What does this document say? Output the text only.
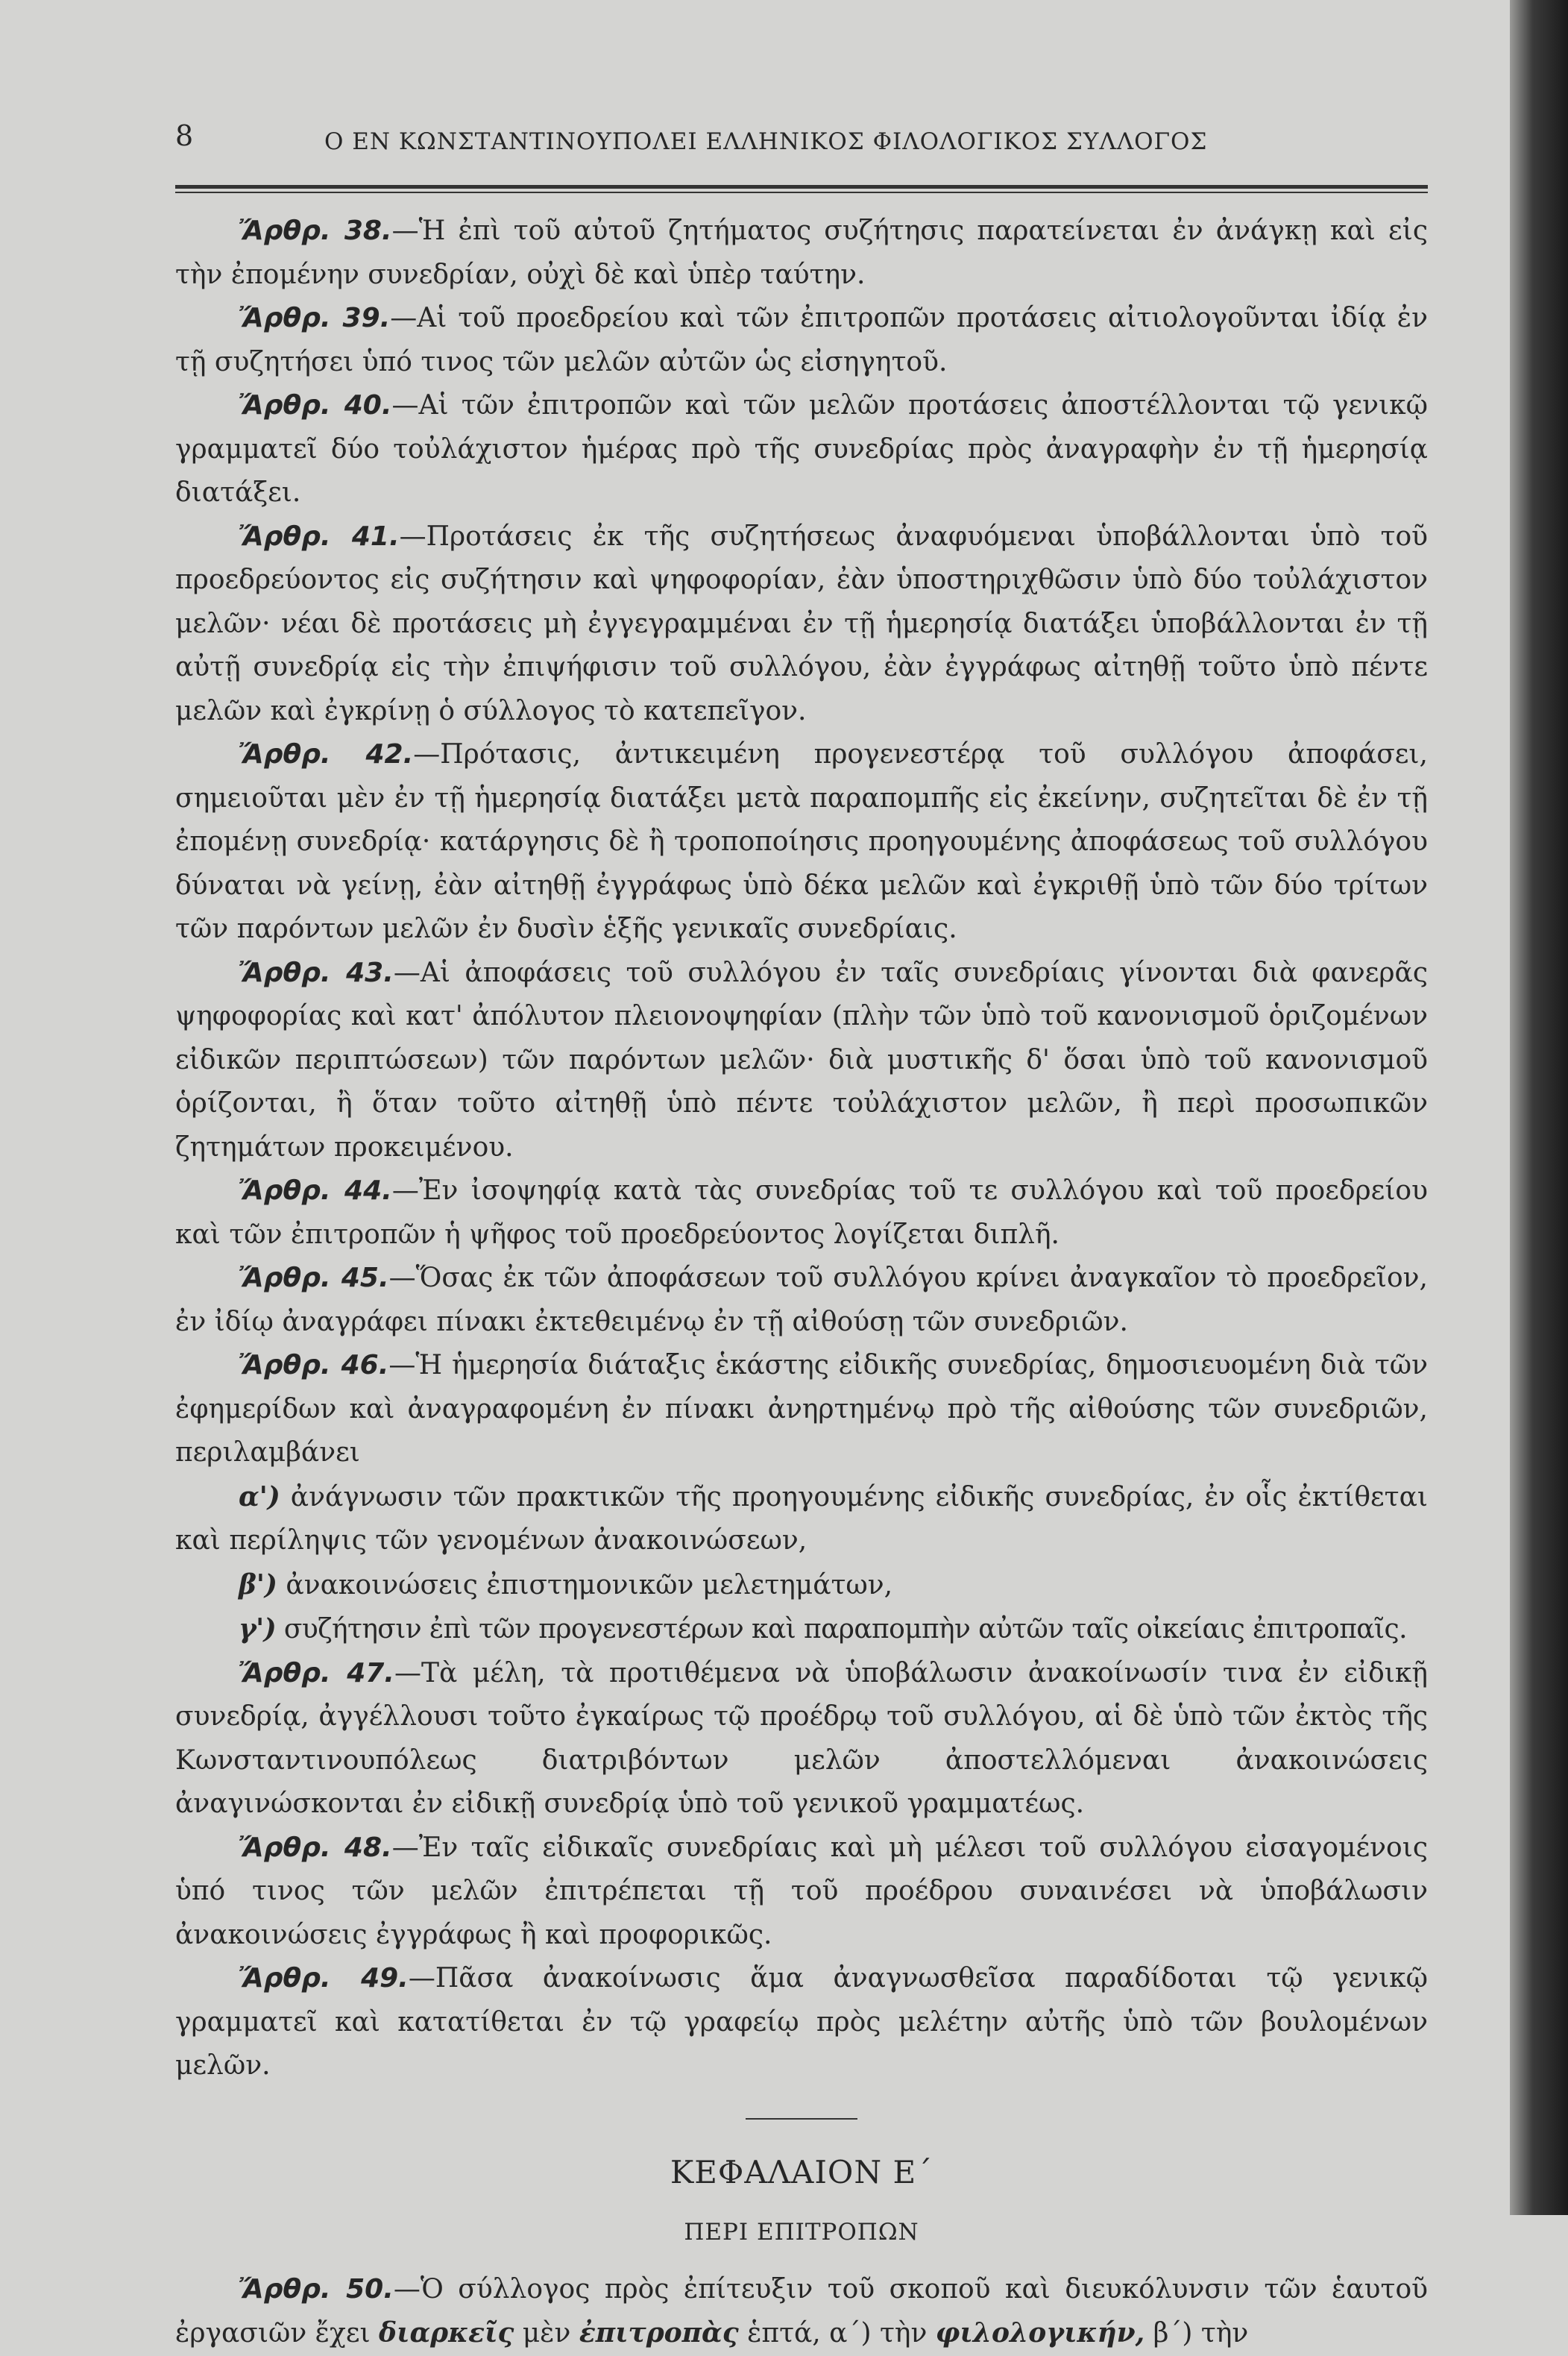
8	Ο ΕΝ ΚΩΝΣΤΑΝΤΙΝΟΥΠΟΛΕΙ ΕΛΛΗΝΙΚΟΣ ΦΙΛΟΛΟΓΙΚΟΣ ΣΥΛΛΟΓΟΣ

Ἄρθρ. 38.—Ἡ ἐπὶ τοῦ αὐτοῦ ζητήματος συζήτησις παρατείνεται ἐν ἀνάγκῃ καὶ εἰς τὴν ἐπομένην συνεδρίαν, οὐχὶ δὲ καὶ ὑπὲρ ταύτην.

Ἄρθρ. 39.—Αἱ τοῦ προεδρείου καὶ τῶν ἐπιτροπῶν προτάσεις αἰτιολογοῦνται ἰδίᾳ ἐν τῇ συζητήσει ὑπό τινος τῶν μελῶν αὐτῶν ὡς εἰσηγητοῦ.

Ἄρθρ. 40.—Αἱ τῶν ἐπιτροπῶν καὶ τῶν μελῶν προτάσεις ἀποστέλλονται τῷ γενικῷ γραμματεῖ δύο τοὐλάχιστον ἡμέρας πρὸ τῆς συνεδρίας πρὸς ἀναγραφὴν ἐν τῇ ἡμερησίᾳ διατάξει.

Ἄρθρ. 41.—Προτάσεις ἐκ τῆς συζητήσεως ἀναφυόμεναι ὑποβάλλονται ὑπὸ τοῦ προεδρεύοντος εἰς συζήτησιν καὶ ψηφοφορίαν, ἐὰν ὑποστηριχθῶσιν ὑπὸ δύο τοὐλάχιστον μελῶν· νέαι δὲ προτάσεις μὴ ἐγγεγραμμέναι ἐν τῇ ἡμερησίᾳ διατάξει ὑποβάλλονται ἐν τῇ αὐτῇ συνεδρίᾳ εἰς τὴν ἐπιψήφισιν τοῦ συλλόγου, ἐὰν ἐγγράφως αἰτηθῇ τοῦτο ὑπὸ πέντε μελῶν καὶ ἐγκρίνῃ ὁ σύλλογος τὸ κατεπεῖγον.

Ἄρθρ. 42.—Πρότασις, ἀντικειμένη προγενεστέρᾳ τοῦ συλλόγου ἀποφάσει, σημειοῦται μὲν ἐν τῇ ἡμερησίᾳ διατάξει μετὰ παραπομπῆς εἰς ἐκείνην, συζητεῖται δὲ ἐν τῇ ἐπομένῃ συνεδρίᾳ· κατάργησις δὲ ἢ τροποποίησις προηγουμένης ἀποφάσεως τοῦ συλλόγου δύναται νὰ γείνῃ, ἐὰν αἰτηθῇ ἐγγράφως ὑπὸ δέκα μελῶν καὶ ἐγκριθῇ ὑπὸ τῶν δύο τρίτων τῶν παρόντων μελῶν ἐν δυσὶν ἑξῆς γενικαῖς συνεδρίαις.

Ἄρθρ. 43.—Αἱ ἀποφάσεις τοῦ συλλόγου ἐν ταῖς συνεδρίαις γίνονται διὰ φανερᾶς ψηφοφορίας καὶ κατ' ἀπόλυτον πλειονοψηφίαν (πλὴν τῶν ὑπὸ τοῦ κανονισμοῦ ὁριζομένων εἰδικῶν περιπτώσεων) τῶν παρόντων μελῶν· διὰ μυστικῆς δ' ὅσαι ὑπὸ τοῦ κανονισμοῦ ὁρίζονται, ἢ ὅταν τοῦτο αἰτηθῇ ὑπὸ πέντε τοὐλάχιστον μελῶν, ἢ περὶ προσωπικῶν ζητημάτων προκειμένου.

Ἄρθρ. 44.—Ἐν ἰσοψηφίᾳ κατὰ τὰς συνεδρίας τοῦ τε συλλόγου καὶ τοῦ προεδρείου καὶ τῶν ἐπιτροπῶν ἡ ψῆφος τοῦ προεδρεύοντος λογίζεται διπλῆ.

Ἄρθρ. 45.—Ὅσας ἐκ τῶν ἀποφάσεων τοῦ συλλόγου κρίνει ἀναγκαῖον τὸ προεδρεῖον, ἐν ἰδίῳ ἀναγράφει πίνακι ἐκτεθειμένῳ ἐν τῇ αἰθούσῃ τῶν συνεδριῶν.

Ἄρθρ. 46.—Ἡ ἡμερησία διάταξις ἑκάστης εἰδικῆς συνεδρίας, δημοσιευομένη διὰ τῶν ἐφημερίδων καὶ ἀναγραφομένη ἐν πίνακι ἀνηρτημένῳ πρὸ τῆς αἰθούσης τῶν συνεδριῶν, περιλαμβάνει

α') ἀνάγνωσιν τῶν πρακτικῶν τῆς προηγουμένης εἰδικῆς συνεδρίας, ἐν οἷς ἐκτίθεται καὶ περίληψις τῶν γενομένων ἀνακοινώσεων,

β') ἀνακοινώσεις ἐπιστημονικῶν μελετημάτων,

γ') συζήτησιν ἐπὶ τῶν προγενεστέρων καὶ παραπομπὴν αὐτῶν ταῖς οἰκείαις ἐπιτροπαῖς.

Ἄρθρ. 47.—Τὰ μέλη, τὰ προτιθέμενα νὰ ὑποβάλωσιν ἀνακοίνωσίν τινα ἐν εἰδικῇ συνεδρίᾳ, ἀγγέλλουσι τοῦτο ἐγκαίρως τῷ προέδρῳ τοῦ συλλόγου, αἱ δὲ ὑπὸ τῶν ἐκτὸς τῆς Κωνσταντινουπόλεως διατριβόντων μελῶν ἀποστελλόμεναι ἀνακοινώσεις ἀναγινώσκονται ἐν εἰδικῇ συνεδρίᾳ ὑπὸ τοῦ γενικοῦ γραμματέως.

Ἄρθρ. 48.—Ἐν ταῖς εἰδικαῖς συνεδρίαις καὶ μὴ μέλεσι τοῦ συλλόγου εἰσαγομένοις ὑπό τινος τῶν μελῶν ἐπιτρέπεται τῇ τοῦ προέδρου συναινέσει νὰ ὑποβάλωσιν ἀνακοινώσεις ἐγγράφως ἢ καὶ προφορικῶς.

Ἄρθρ. 49.—Πᾶσα ἀνακοίνωσις ἅμα ἀναγνωσθεῖσα παραδίδοται τῷ γενικῷ γραμματεῖ καὶ κατατίθεται ἐν τῷ γραφείῳ πρὸς μελέτην αὐτῆς ὑπὸ τῶν βουλομένων μελῶν.

ΚΕΦΑΛΑΙΟΝ Ε΄
ΠΕΡΙ ΕΠΙΤΡΟΠΩΝ

Ἄρθρ. 50.—Ὁ σύλλογος πρὸς ἐπίτευξιν τοῦ σκοποῦ καὶ διευκόλυνσιν τῶν ἑαυτοῦ ἐργασιῶν ἔχει διαρκεῖς μὲν ἐπιτροπὰς ἑπτά, α΄) τὴν φιλολογικήν, β΄) τὴν
